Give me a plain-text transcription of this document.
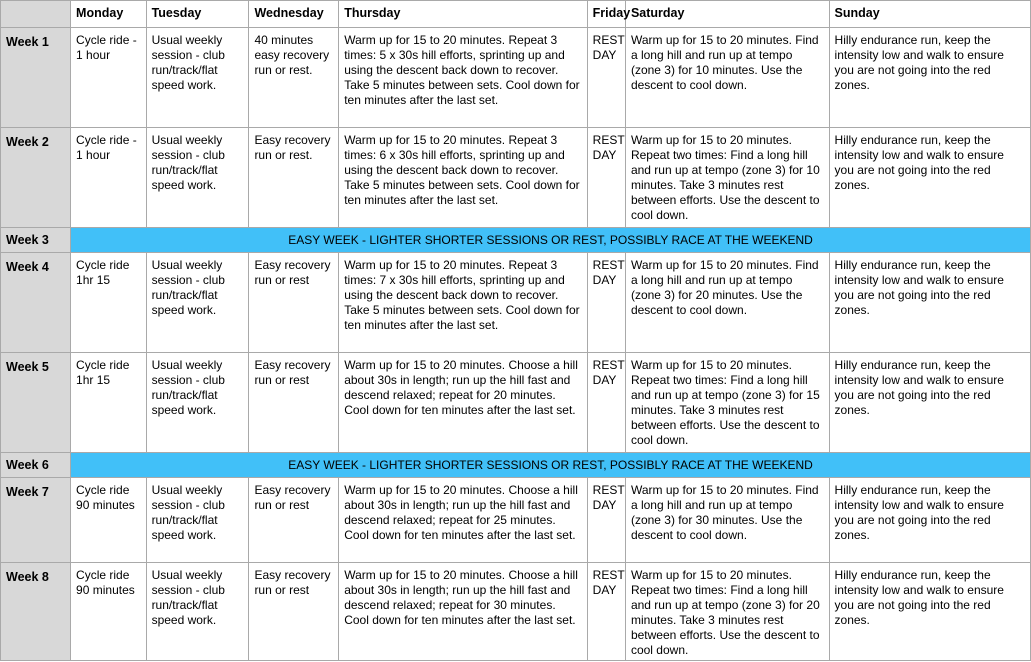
	Monday	Tuesday	Wednesday	Thursday	Friday	Saturday	Sunday
Week 1	Cycle ride - 1 hour	Usual weekly session - club run/track/flat speed work.	40 minutes easy recovery run or rest.	Warm up for 15 to 20 minutes. Repeat 3 times: 5 x 30s hill efforts, sprinting up and using the descent back down to recover. Take 5 minutes between sets. Cool down for ten minutes after the last set.	REST DAY	Warm up for 15 to 20 minutes. Find a long hill and run up at tempo (zone 3) for 10 minutes. Use the descent to cool down.	Hilly endurance run, keep the intensity low and walk to ensure you are not going into the red zones.
Week 2	Cycle ride - 1 hour	Usual weekly session - club run/track/flat speed work.	Easy recovery run or rest.	Warm up for 15 to 20 minutes. Repeat 3 times: 6 x 30s hill efforts, sprinting up and using the descent back down to recover. Take 5 minutes between sets. Cool down for ten minutes after the last set.	REST DAY	Warm up for 15 to 20 minutes. Repeat two times: Find a long hill and run up at tempo (zone 3) for 10 minutes. Take 3 minutes rest between efforts. Use the descent to cool down.	Hilly endurance run, keep the intensity low and walk to ensure you are not going into the red zones.
Week 3	EASY WEEK - LIGHTER SHORTER SESSIONS OR REST, POSSIBLY RACE AT THE WEEKEND						
Week 4	Cycle ride 1hr 15	Usual weekly session - club run/track/flat speed work.	Easy recovery run or rest	Warm up for 15 to 20 minutes. Repeat 3 times: 7 x 30s hill efforts, sprinting up and using the descent back down to recover. Take 5 minutes between sets. Cool down for ten minutes after the last set.	REST DAY	Warm up for 15 to 20 minutes. Find a long hill and run up at tempo (zone 3) for 20 minutes. Use the descent to cool down.	Hilly endurance run, keep the intensity low and walk to ensure you are not going into the red zones.
Week 5	Cycle ride 1hr 15	Usual weekly session - club run/track/flat speed work.	Easy recovery run or rest	Warm up for 15 to 20 minutes. Choose a hill about 30s in length; run up the hill fast and descend relaxed; repeat for 20 minutes. Cool down for ten minutes after the last set.	REST DAY	Warm up for 15 to 20 minutes. Repeat two times: Find a long hill and run up at tempo (zone 3) for 15 minutes. Take 3 minutes rest between efforts. Use the descent to cool down.	Hilly endurance run, keep the intensity low and walk to ensure you are not going into the red zones.
Week 6	EASY WEEK - LIGHTER SHORTER SESSIONS OR REST, POSSIBLY RACE AT THE WEEKEND						
Week 7	Cycle ride 90 minutes	Usual weekly session - club run/track/flat speed work.	Easy recovery run or rest	Warm up for 15 to 20 minutes. Choose a hill about 30s in length; run up the hill fast and descend relaxed; repeat for 25 minutes. Cool down for ten minutes after the last set.	REST DAY	Warm up for 15 to 20 minutes. Find a long hill and run up at tempo (zone 3) for 30 minutes. Use the descent to cool down.	Hilly endurance run, keep the intensity low and walk to ensure you are not going into the red zones.
Week 8	Cycle ride 90 minutes	Usual weekly session - club run/track/flat speed work.	Easy recovery run or rest	Warm up for 15 to 20 minutes. Choose a hill about 30s in length; run up the hill fast and descend relaxed; repeat for 30 minutes. Cool down for ten minutes after the last set.	REST DAY	Warm up for 15 to 20 minutes. Repeat two times: Find a long hill and run up at tempo (zone 3) for 20 minutes. Take 3 minutes rest between efforts. Use the descent to cool down.	Hilly endurance run, keep the intensity low and walk to ensure you are not going into the red zones.
